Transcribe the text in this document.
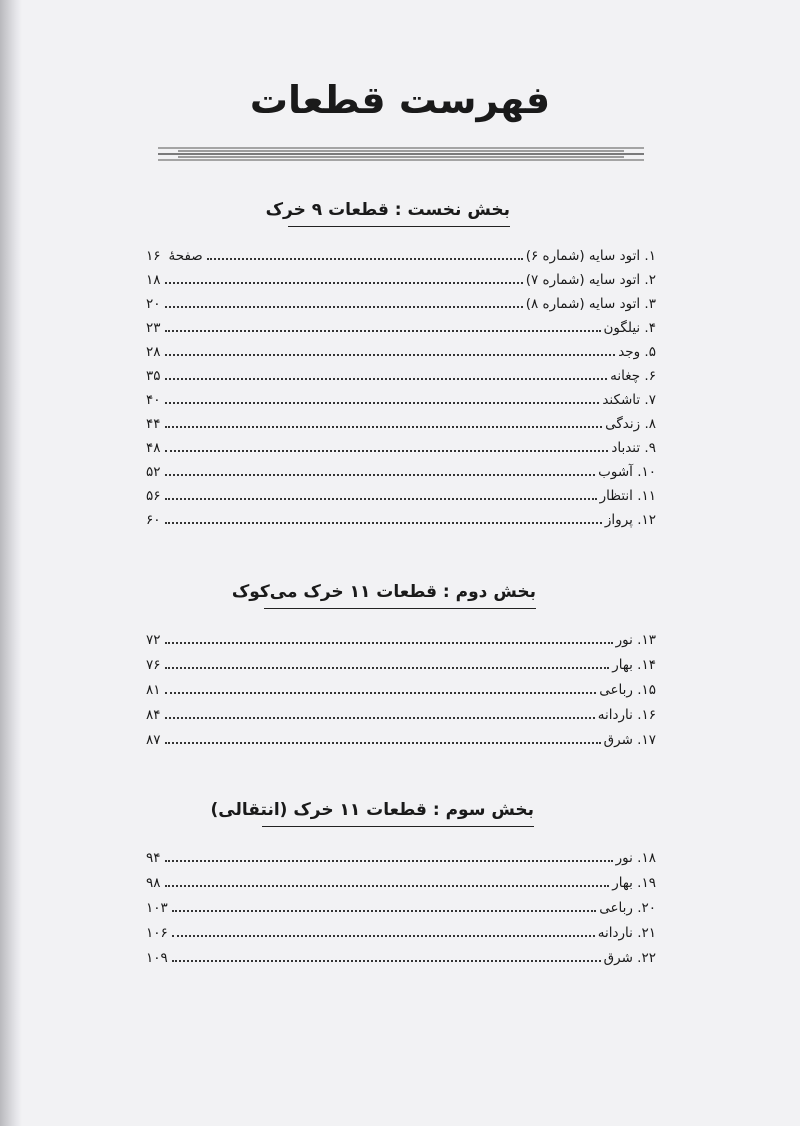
فهرست قطعات
بخش نخست : قطعات ۹ خرک
۱. اتود سایه (شماره ۶)
صفحهٔ
۱۶
۲. اتود سایه (شماره ۷)
۱۸
۳. اتود سایه (شماره ۸)
۲۰
۴. نیلگون
۲۳
۵. وجد
۲۸
۶. چغانه
۳۵
۷. تاشکند
۴۰
۸. زندگی
۴۴
۹. تندباد
۴۸
۱۰. آشوب
۵۲
۱۱. انتظار
۵۶
۱۲. پرواز
۶۰
بخش دوم : قطعات ۱۱ خرک می‌کوک
۱۳. نور
۷۲
۱۴. بهار
۷۶
۱۵. رباعی
۸۱
۱۶. ناردانه
۸۴
۱۷. شرق
۸۷
بخش سوم : قطعات ۱۱ خرک (انتقالی)
۱۸. نور
۹۴
۱۹. بهار
۹۸
۲۰. رباعی
۱۰۳
۲۱. ناردانه
۱۰۶
۲۲. شرق
۱۰۹
